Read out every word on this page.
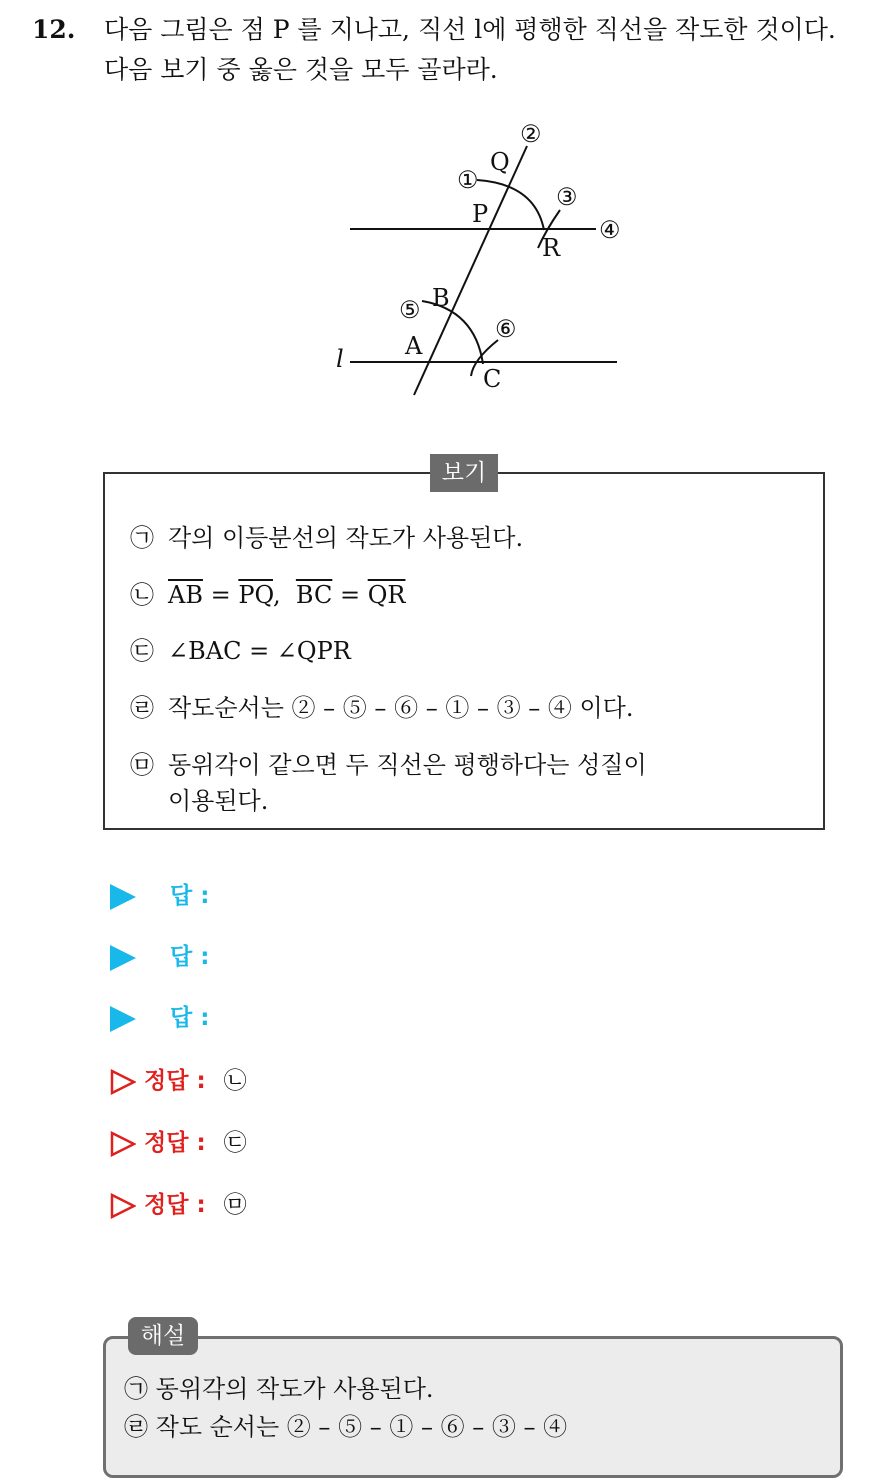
12. 다음 그림은 점 P 를 지나고, 직선 l에 평행한 직선을 작도한 것이다.
다음 보기 중 옳은 것을 모두 골라라.
②
①
Q
③
P
④
R
B
⑤
⑥
A
l
C
보기
㉠ 각의 이등분선의 작도가 사용된다.
㉡ $\overline{AB} = \overline{PQ}$,  $\overline{BC} = \overline{QR}$
㉢ ∠BAC = ∠QPR
㉣ 작도순서는 ② – ⑤ – ⑥ – ① – ③ – ④ 이다.
㉤ 동위각이 같으면 두 직선은 평행하다는 성질이
이용된다.
답 :
답 :
답 :
정답 : ㉡
정답 : ㉢
정답 : ㉤
해설
㉠ 동위각의 작도가 사용된다.
㉣ 작도 순서는 ② – ⑤ – ① – ⑥ – ③ – ④
